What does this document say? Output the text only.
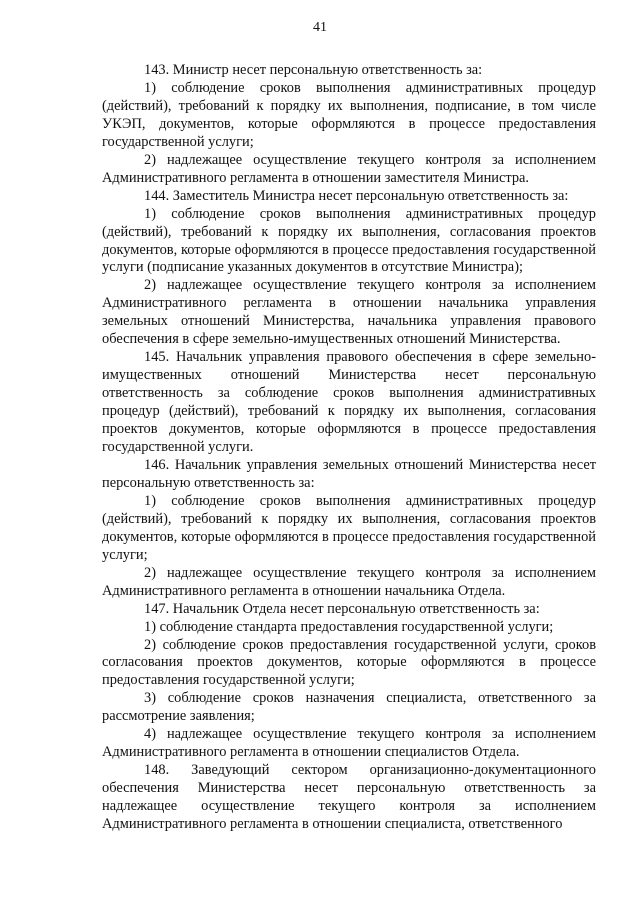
41

143. Министр несет персональную ответственность за:

1) соблюдение сроков выполнения административных процедур (действий), требований к порядку их выполнения, подписание, в том числе УКЭП, документов, которые оформляются в процессе предоставления государственной услуги;

2) надлежащее осуществление текущего контроля за исполнением Административного регламента в отношении заместителя Министра.

144. Заместитель Министра несет персональную ответственность за:

1) соблюдение сроков выполнения административных процедур (действий), требований к порядку их выполнения, согласования проектов документов, которые оформляются в процессе предоставления государственной услуги (подписание указанных документов в отсутствие Министра);

2) надлежащее осуществление текущего контроля за исполнением Административного регламента в отношении начальника управления земельных отношений Министерства, начальника управления правового обеспечения в сфере земельно-имущественных отношений Министерства.

145. Начальник управления правового обеспечения в сфере земельно-имущественных отношений Министерства несет персональную ответственность за соблюдение сроков выполнения административных процедур (действий), требований к порядку их выполнения, согласования проектов документов, которые оформляются в процессе предоставления государственной услуги.

146. Начальник управления земельных отношений Министерства несет персональную ответственность за:

1) соблюдение сроков выполнения административных процедур (действий), требований к порядку их выполнения, согласования проектов документов, которые оформляются в процессе предоставления государственной услуги;

2) надлежащее осуществление текущего контроля за исполнением Административного регламента в отношении начальника Отдела.

147. Начальник Отдела несет персональную ответственность за:

1) соблюдение стандарта предоставления государственной услуги;

2) соблюдение сроков предоставления государственной услуги, сроков согласования проектов документов, которые оформляются в процессе предоставления государственной услуги;

3) соблюдение сроков назначения специалиста, ответственного за рассмотрение заявления;

4) надлежащее осуществление текущего контроля за исполнением Административного регламента в отношении специалистов Отдела.

148. Заведующий сектором организационно-документационного обеспечения Министерства несет персональную ответственность за надлежащее осуществление текущего контроля за исполнением Административного регламента в отношении специалиста, ответственного
